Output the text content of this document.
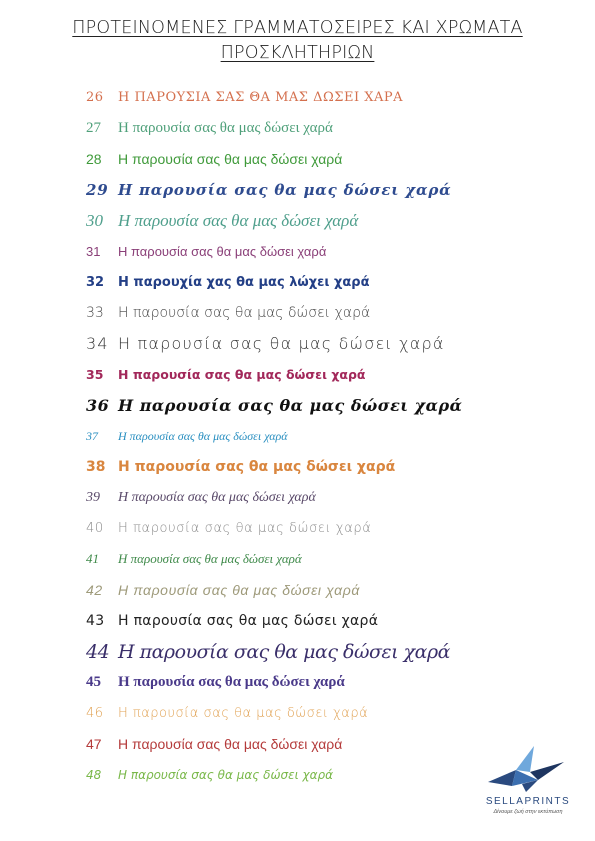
ΠΡΟΤΕΙΝΟΜΕΝΕΣ ΓΡΑΜΜΑΤΟΣΕΙΡΕΣ ΚΑΙ ΧΡΩΜΑΤΑ
ΠΡΟΣΚΛΗΤΗΡΙΩΝ
26	Η ΠΑΡΟΥΣΙΑ ΣΑΣ ΘΑ ΜΑΣ ΔΩΣΕΙ ΧΑΡΑ
27	Η παρουσία σας θα μας δώσει χαρά
28	Η παρουσία σας θα μας δώσει χαρά
29 Η παρουσία σας θα μας δώσει χαρά
30 Η παρουσία σας θα μας δώσει χαρά
31	Η παρουσία σας θα μας δώσει χαρά
32	Η παρουχία χας θα μας λώχει χαρά
33	Η παρουσία σας θα μας δώσει χαρά
34 Η παρουσία σας θα μας δώσει χαρά
35	Η παρουσία σας θα μας δώσει χαρά
36 Η παρουσία σας θα μας δώσει χαρά
37	Η παρουσία σας θα μας δώσει χαρά
38 Η παρουσία σας θα μας δώσει χαρά
39	Η παρουσία σας θα μας δώσει χαρά
40	Η παρουσία σας θα μας δώσει χαρά
41	Η παρουσία σας θα μας δώσει χαρά
42	Η παρουσία σας θα μας δώσει χαρά
43 Η παρουσία σας θα μας δώσει χαρά
44 Η παρουσία σας θα μας δώσει χαρά
45	Η παρουσία σας θα μας δώσει χαρά
46	Η παρουσία σας θα μας δώσει χαρά
47	Η παρουσία σας θα μας δώσει χαρά
48	Η παρουσία σας θα μας δώσει χαρά
SELLAPRINTS
Δίνουμε ζωή στην εκτύπωση
